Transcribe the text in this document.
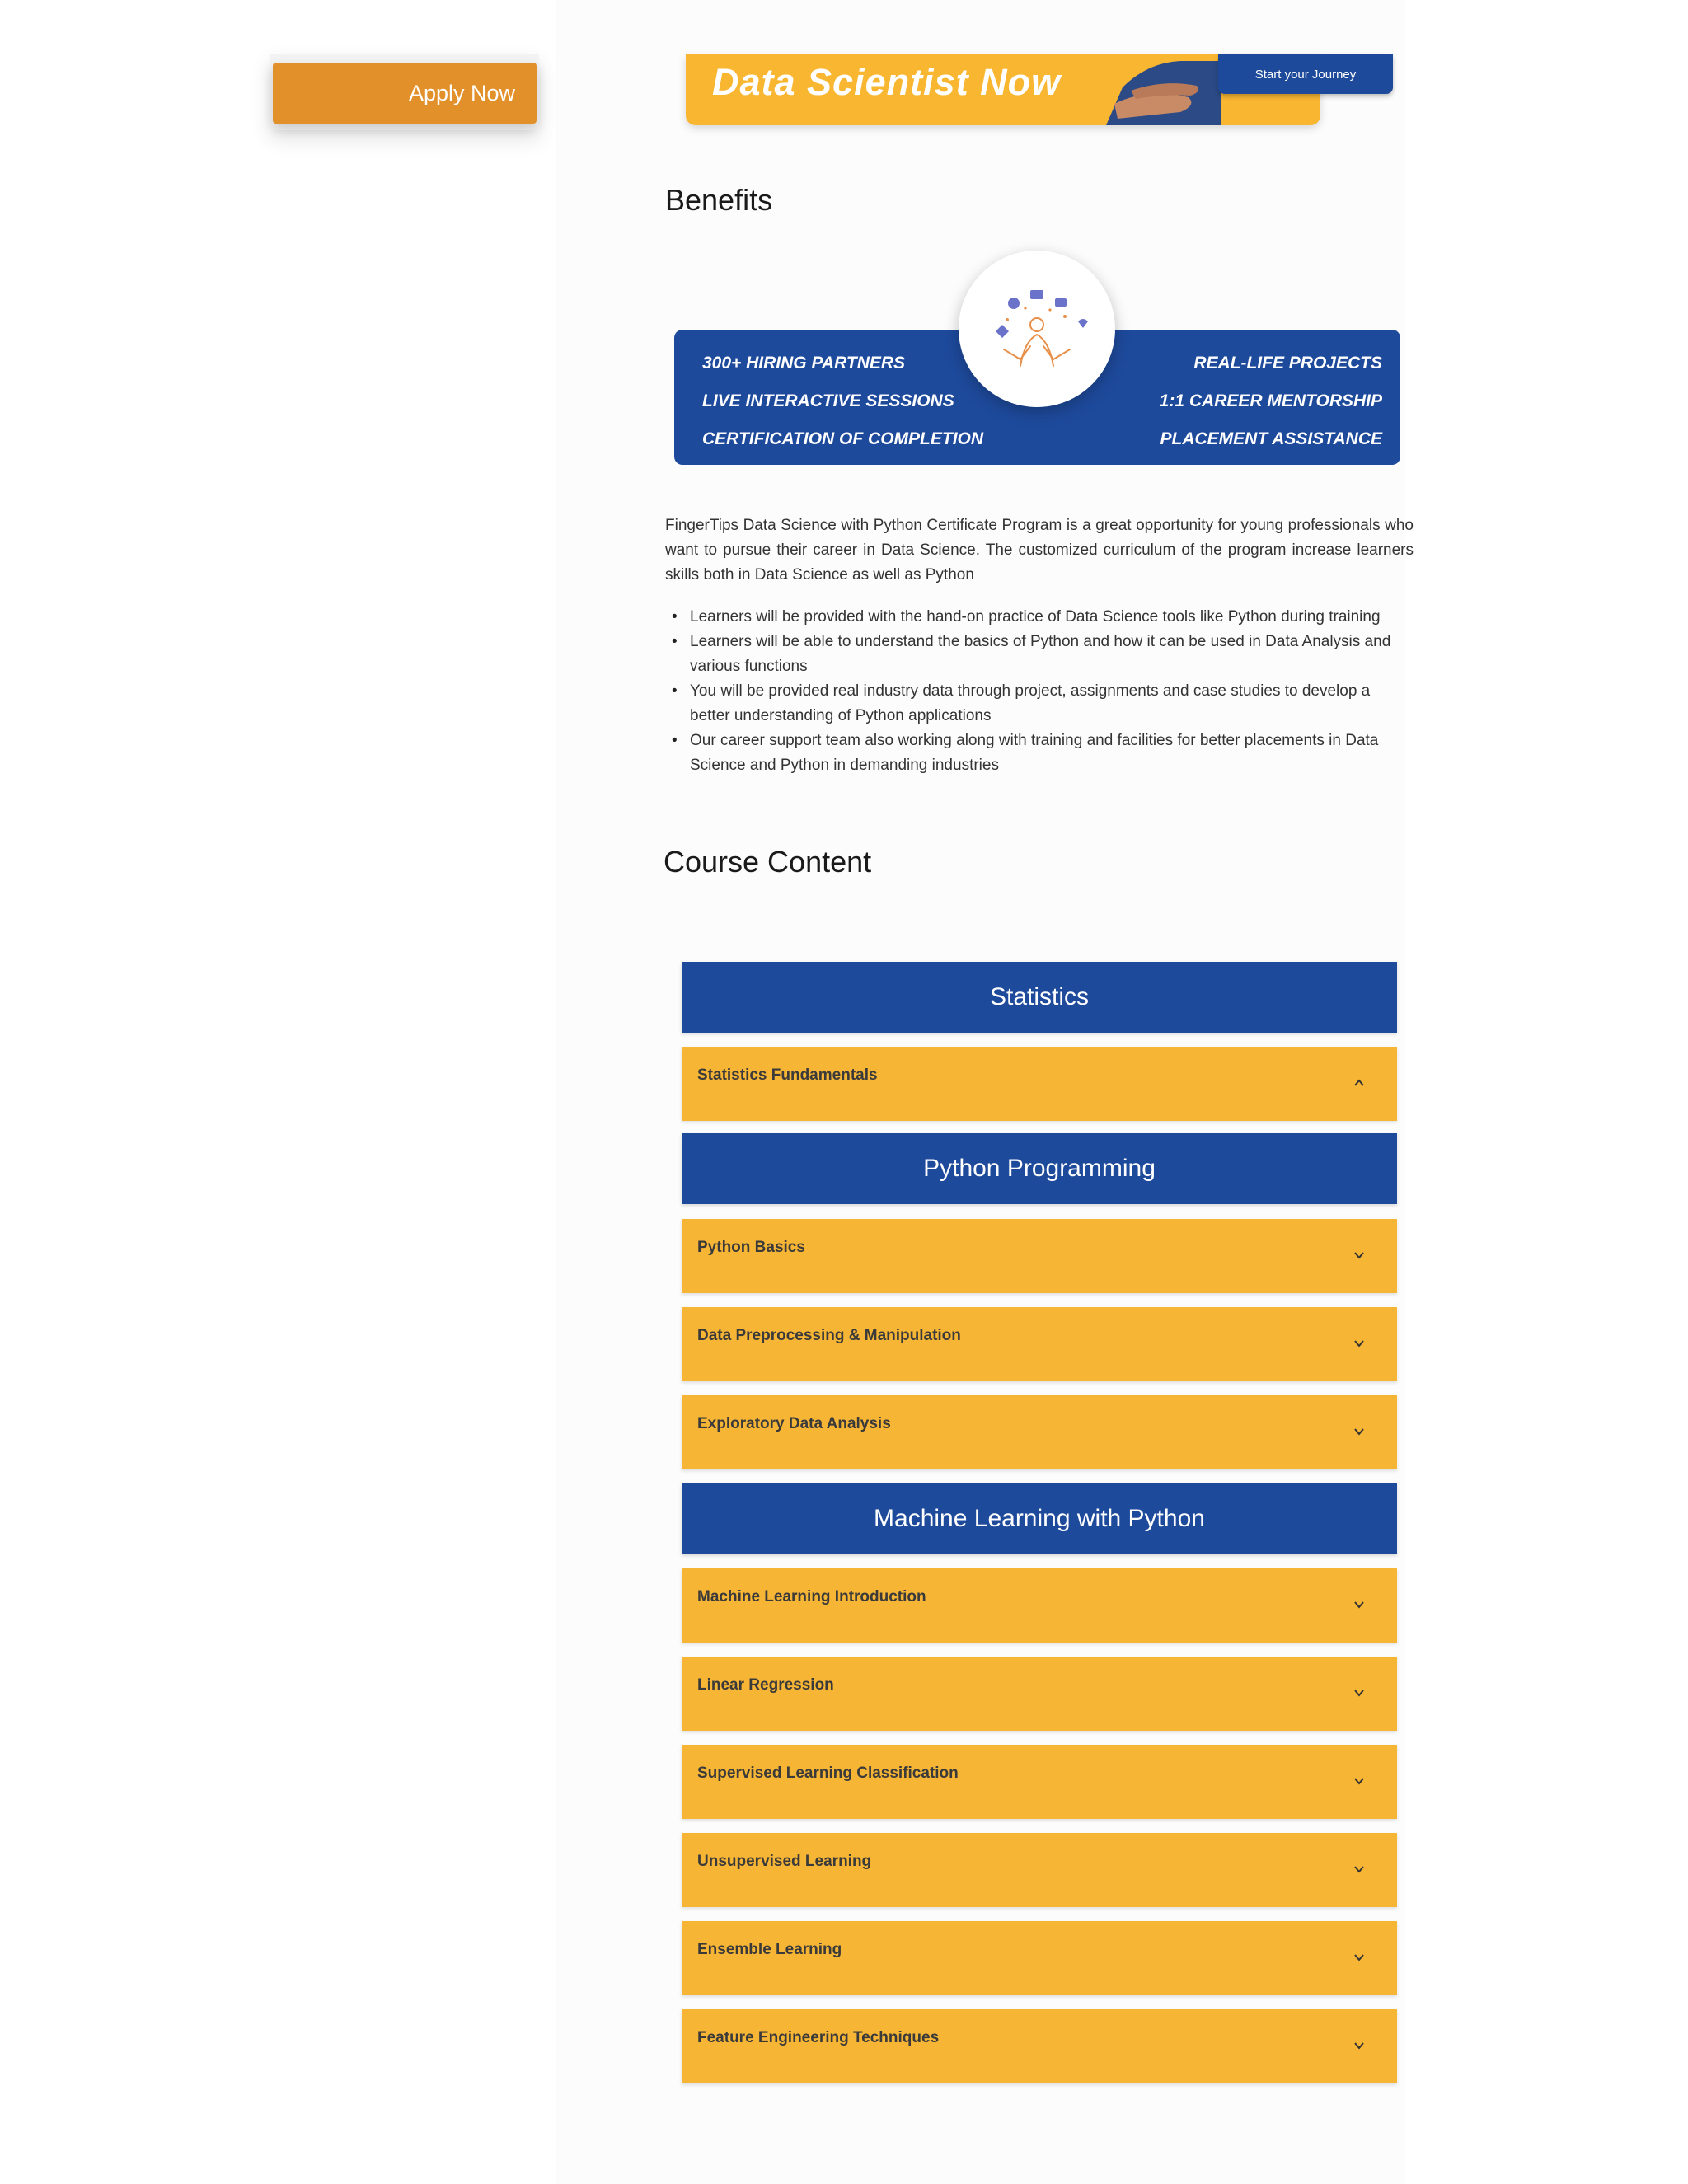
Apply Now	Data Scientist Now	Start your Journey
Benefits
300+ HIRING PARTNERS
LIVE INTERACTIVE SESSIONS
CERTIFICATION OF COMPLETION
REAL-LIFE PROJECTS
1:1 CAREER MENTORSHIP
PLACEMENT ASSISTANCE

FingerTips Data Science with Python Certificate Program is a great opportunity for young professionals who want to pursue their career in Data Science. The customized curriculum of the program increase learners skills both in Data Science as well as Python

• Learners will be provided with the hand-on practice of Data Science tools like Python during training
• Learners will be able to understand the basics of Python and how it can be used in Data Analysis and various functions
• You will be provided real industry data through project, assignments and case studies to develop a better understanding of Python applications
• Our career support team also working along with training and facilities for better placements in Data Science and Python in demanding industries
Course Content
Statistics
Statistics Fundamentals
Python Programming
Python Basics
Data Preprocessing & Manipulation
Exploratory Data Analysis
Machine Learning with Python
Machine Learning Introduction
Linear Regression
Supervised Learning Classification
Unsupervised Learning
Ensemble Learning
Feature Engineering Techniques
